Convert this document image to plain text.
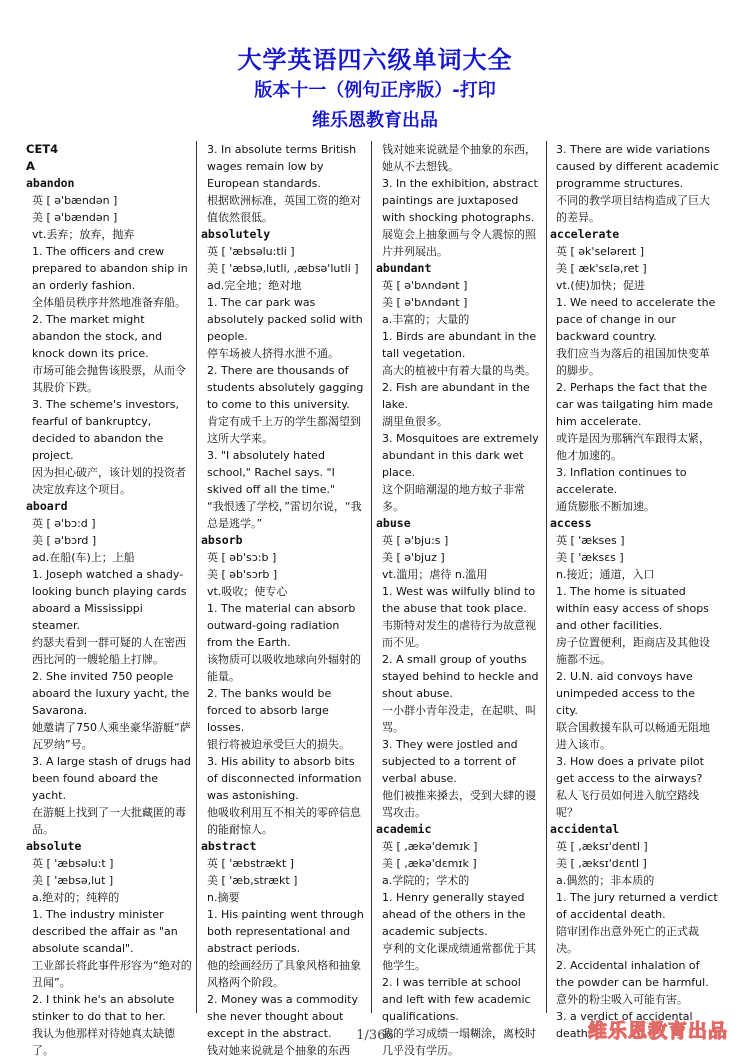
大学英语四六级单词大全
版本十一（例句正序版）-打印
维乐恩教育出品
CET4
A
abandon
英 [ ə'bændən ]
美 [ ə'bændən ]
vt.丢弃；放弃，抛弃
1. The officers and crew prepared to abandon ship in an orderly fashion.
全体船员秩序井然地准备弃船。
2. The market might abandon the stock, and knock down its price.
市场可能会抛售该股票，从而令其股价下跌。
3. The scheme's investors, fearful of bankruptcy, decided to abandon the project.
因为担心破产，该计划的投资者决定放弃这个项目。
aboard
英 [ ə'bɔ:d ]
美 [ ə'bɔrd ]
ad.在船(车)上；上船
1. Joseph watched a shady-looking bunch playing cards aboard a Mississippi steamer.
约瑟夫看到一群可疑的人在密西西比河的一艘轮船上打牌。
2. She invited 750 people aboard the luxury yacht, the Savarona.
她邀请了750人乘坐豪华游艇“萨瓦罗纳”号。
3. A large stash of drugs had been found aboard the yacht.
在游艇上找到了一大批藏匿的毒品。
absolute
英 [ 'æbsəlu:t ]
美 [ 'æbsə,lut ]
a.绝对的；纯粹的
1. The industry minister described the affair as "an absolute scandal".
工业部长将此事件形容为“绝对的丑闻”。
2. I think he's an absolute stinker to do that to her.
我认为他那样对待她真太缺德了。
3. In absolute terms British wages remain low by European standards.
根据欧洲标准，英国工资的绝对值依然很低。
absolutely
英 [ 'æbsəlu:tli ]
美 [ 'æbsə,lutli, ,æbsə'lutli ]
ad.完全地；绝对地
1. The car park was absolutely packed solid with people.
停车场被人挤得水泄不通。
2. There are thousands of students absolutely gagging to come to this university.
肯定有成千上万的学生都渴望到这所大学来。
3. "I absolutely hated school," Rachel says. "I skived off all the time."
“我恨透了学校，”雷切尔说，“我总是逃学。”
absorb
英 [ əb'sɔ:b ]
美 [ əb'sɔrb ]
vt.吸收；使专心
1. The material can absorb outward-going radiation from the Earth.
该物质可以吸收地球向外辐射的能量。
2. The banks would be forced to absorb large losses.
银行将被迫承受巨大的损失。
3. His ability to absorb bits of disconnected information was astonishing.
他吸收利用互不相关的零碎信息的能耐惊人。
abstract
英 [ 'æbstrækt ]
美 [ 'æb,strækt ]
n.摘要
1. His painting went through both representational and abstract periods.
他的绘画经历了具象风格和抽象风格两个阶段。
2. Money was a commodity she never thought about except in the abstract.
钱对她来说就是个抽象的东西
钱对她来说就是个抽象的东西，她从不去想钱。
3. In the exhibition, abstract paintings are juxtaposed with shocking photographs.
展览会上抽象画与令人震惊的照片并列展出。
abundant
英 [ ə'bʌndənt ]
美 [ ə'bʌndənt ]
a.丰富的；大量的
1. Birds are abundant in the tall vegetation.
高大的植被中有着大量的鸟类。
2. Fish are abundant in the lake.
湖里鱼很多。
3. Mosquitoes are extremely abundant in this dark wet place.
这个阴暗潮湿的地方蚊子非常多。
abuse
英 [ ə'bju:s ]
美 [ ə'bjuz ]
vt.滥用；虐待 n.滥用
1. West was wilfully blind to the abuse that took place.
韦斯特对发生的虐待行为故意视而不见。
2. A small group of youths stayed behind to heckle and shout abuse.
一小群小青年没走，在起哄、叫骂。
3. They were jostled and subjected to a torrent of verbal abuse.
他们被推来搡去，受到大肆的谩骂攻击。
academic
英 [ ,ækə'demɪk ]
美 [ ,ækə'dɛmɪk ]
a.学院的；学术的
1. Henry generally stayed ahead of the others in the academic subjects.
亨利的文化课成绩通常都优于其他学生。
2. I was terrible at school and left with few academic qualifications.
我的学习成绩一塌糊涂，离校时几乎没有学历。
3. There are wide variations caused by different academic programme structures.
不同的教学项目结构造成了巨大的差异。
accelerate
英 [ ək'seləreɪt ]
美 [ æk'sɛlə,ret ]
vt.(使)加快；促进
1. We need to accelerate the pace of change in our backward country.
我们应当为落后的祖国加快变革的脚步。
2. Perhaps the fact that the car was tailgating him made him accelerate.
或许是因为那辆汽车跟得太紧，他才加速的。
3. Inflation continues to accelerate.
通货膨胀不断加速。
access
英 [ 'ækses ]
美 [ 'æksɛs ]
n.接近；通道，入口
1. The home is situated within easy access of shops and other facilities.
房子位置便利，距商店及其他设施都不远。
2. U.N. aid convoys have unimpeded access to the city.
联合国救援车队可以畅通无阻地进入该市。
3. How does a private pilot get access to the airways?
私人飞行员如何进入航空路线呢？
accidental
英 [ ,æksɪ'dentl ]
美 [ ,æksɪ'dɛntl ]
a.偶然的；非本质的
1. The jury returned a verdict of accidental death.
陪审团作出意外死亡的正式裁决。
2. Accidental inhalation of the powder can be harmful.
意外的粉尘吸入可能有害。
3. a verdict of accidental death
1/366	维乐恩教育出品
